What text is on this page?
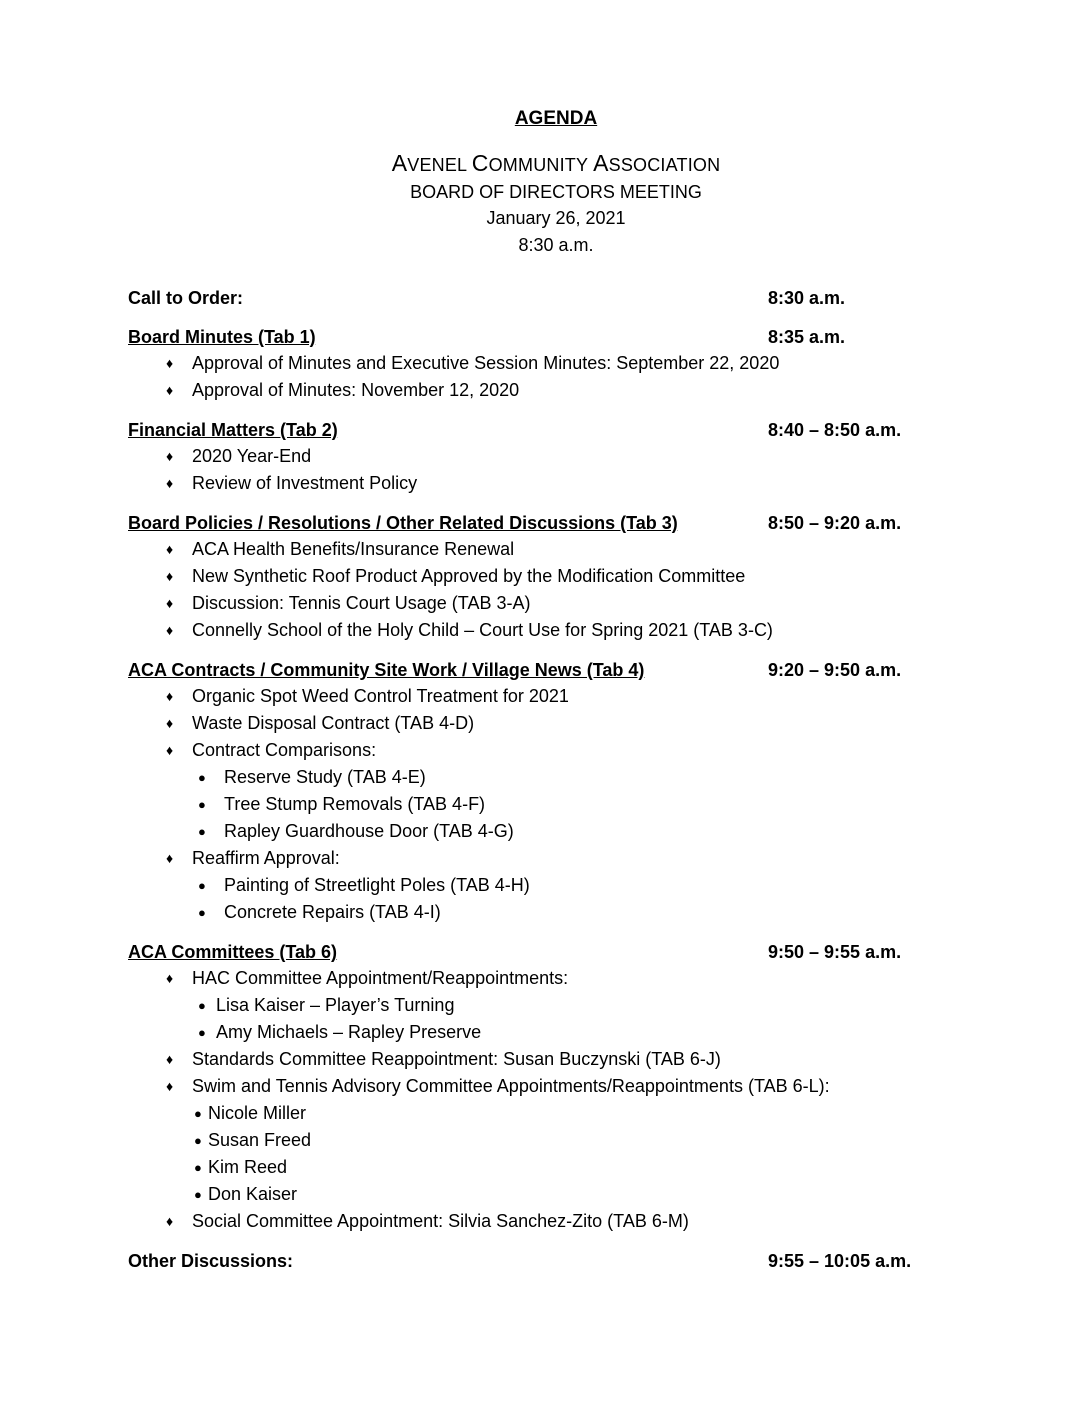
AGENDA
AVENEL COMMUNITY ASSOCIATION
BOARD OF DIRECTORS MEETING
January 26, 2021
8:30 a.m.
Call to Order:	8:30 a.m.
Board Minutes (Tab 1)	8:35 a.m.
♦ Approval of Minutes and Executive Session Minutes: September 22, 2020
♦ Approval of Minutes: November 12, 2020
Financial Matters (Tab 2)	8:40 – 8:50 a.m.
♦ 2020 Year-End
♦ Review of Investment Policy
Board Policies / Resolutions / Other Related Discussions (Tab 3)	8:50 – 9:20 a.m.
♦ ACA Health Benefits/Insurance Renewal
♦ New Synthetic Roof Product Approved by the Modification Committee
♦ Discussion: Tennis Court Usage (TAB 3-A)
♦ Connelly School of the Holy Child – Court Use for Spring 2021 (TAB 3-C)
ACA Contracts / Community Site Work / Village News (Tab 4)	9:20 – 9:50 a.m.
♦ Organic Spot Weed Control Treatment for 2021
♦ Waste Disposal Contract (TAB 4-D)
♦ Contract Comparisons:
● Reserve Study (TAB 4-E)
● Tree Stump Removals (TAB 4-F)
● Rapley Guardhouse Door (TAB 4-G)
♦ Reaffirm Approval:
● Painting of Streetlight Poles (TAB 4-H)
● Concrete Repairs (TAB 4-I)
ACA Committees (Tab 6)	9:50 – 9:55 a.m.
♦ HAC Committee Appointment/Reappointments:
● Lisa Kaiser – Player’s Turning
● Amy Michaels – Rapley Preserve
♦ Standards Committee Reappointment: Susan Buczynski (TAB 6-J)
♦ Swim and Tennis Advisory Committee Appointments/Reappointments (TAB 6-L):
● Nicole Miller
● Susan Freed
● Kim Reed
● Don Kaiser
♦ Social Committee Appointment: Silvia Sanchez-Zito (TAB 6-M)
Other Discussions:	9:55 – 10:05 a.m.
